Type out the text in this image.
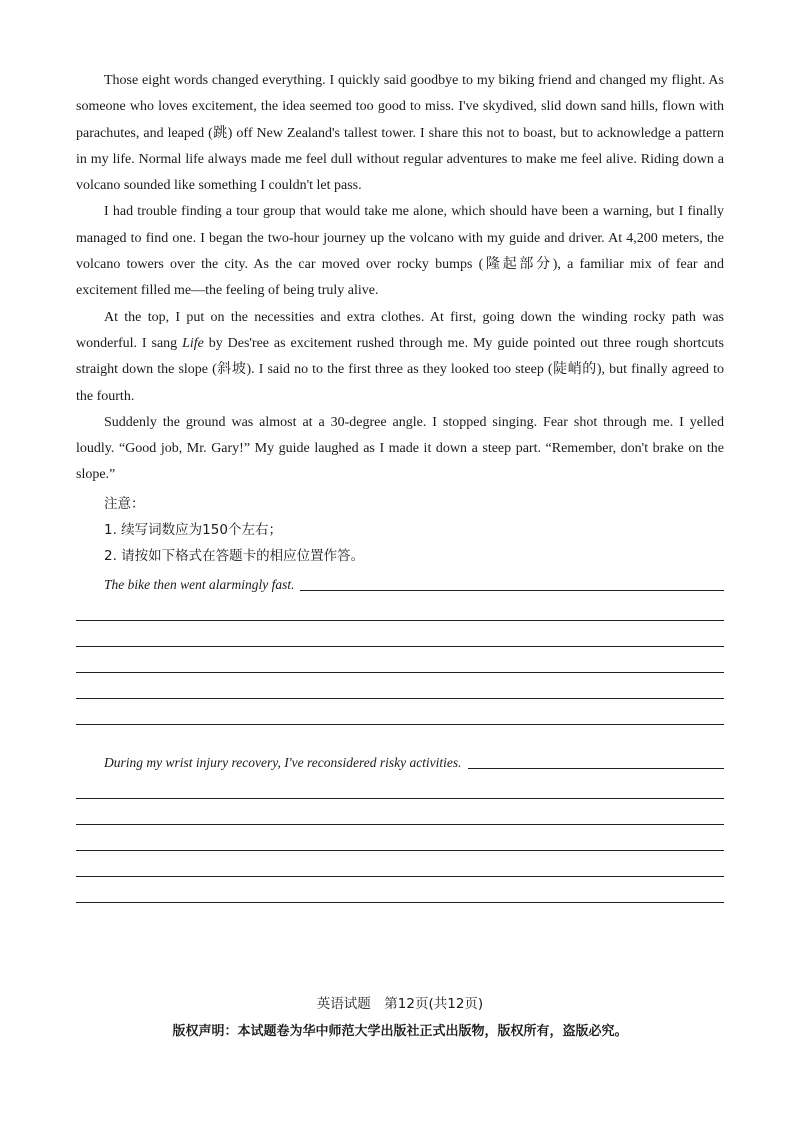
Those eight words changed everything. I quickly said goodbye to my biking friend and changed my flight. As someone who loves excitement, the idea seemed too good to miss. I've skydived, slid down sand hills, flown with parachutes, and leaped (跳) off New Zealand's tallest tower. I share this not to boast, but to acknowledge a pattern in my life. Normal life always made me feel dull without regular adventures to make me feel alive. Riding down a volcano sounded like something I couldn't let pass.

I had trouble finding a tour group that would take me alone, which should have been a warning, but I finally managed to find one. I began the two-hour journey up the volcano with my guide and driver. At 4,200 meters, the volcano towers over the city. As the car moved over rocky bumps (隆起部分), a familiar mix of fear and excitement filled me—the feeling of being truly alive.

At the top, I put on the necessities and extra clothes. At first, going down the winding rocky path was wonderful. I sang Life by Des'ree as excitement rushed through me. My guide pointed out three rough shortcuts straight down the slope (斜坡). I said no to the first three as they looked too steep (陡峭的), but finally agreed to the fourth.

Suddenly the ground was almost at a 30-degree angle. I stopped singing. Fear shot through me. I yelled loudly. “Good job, Mr. Gary!” My guide laughed as I made it down a steep part. “Remember, don't brake on the slope.”

注意：
1. 续写词数应为150个左右；
2. 请按如下格式在答题卡的相应位置作答。
The bike then went alarmingly fast.
During my wrist injury recovery, I've reconsidered risky activities.
英语试题　第12页(共12页)
版权声明：本试题卷为华中师范大学出版社正式出版物，版权所有，盗版必究。
